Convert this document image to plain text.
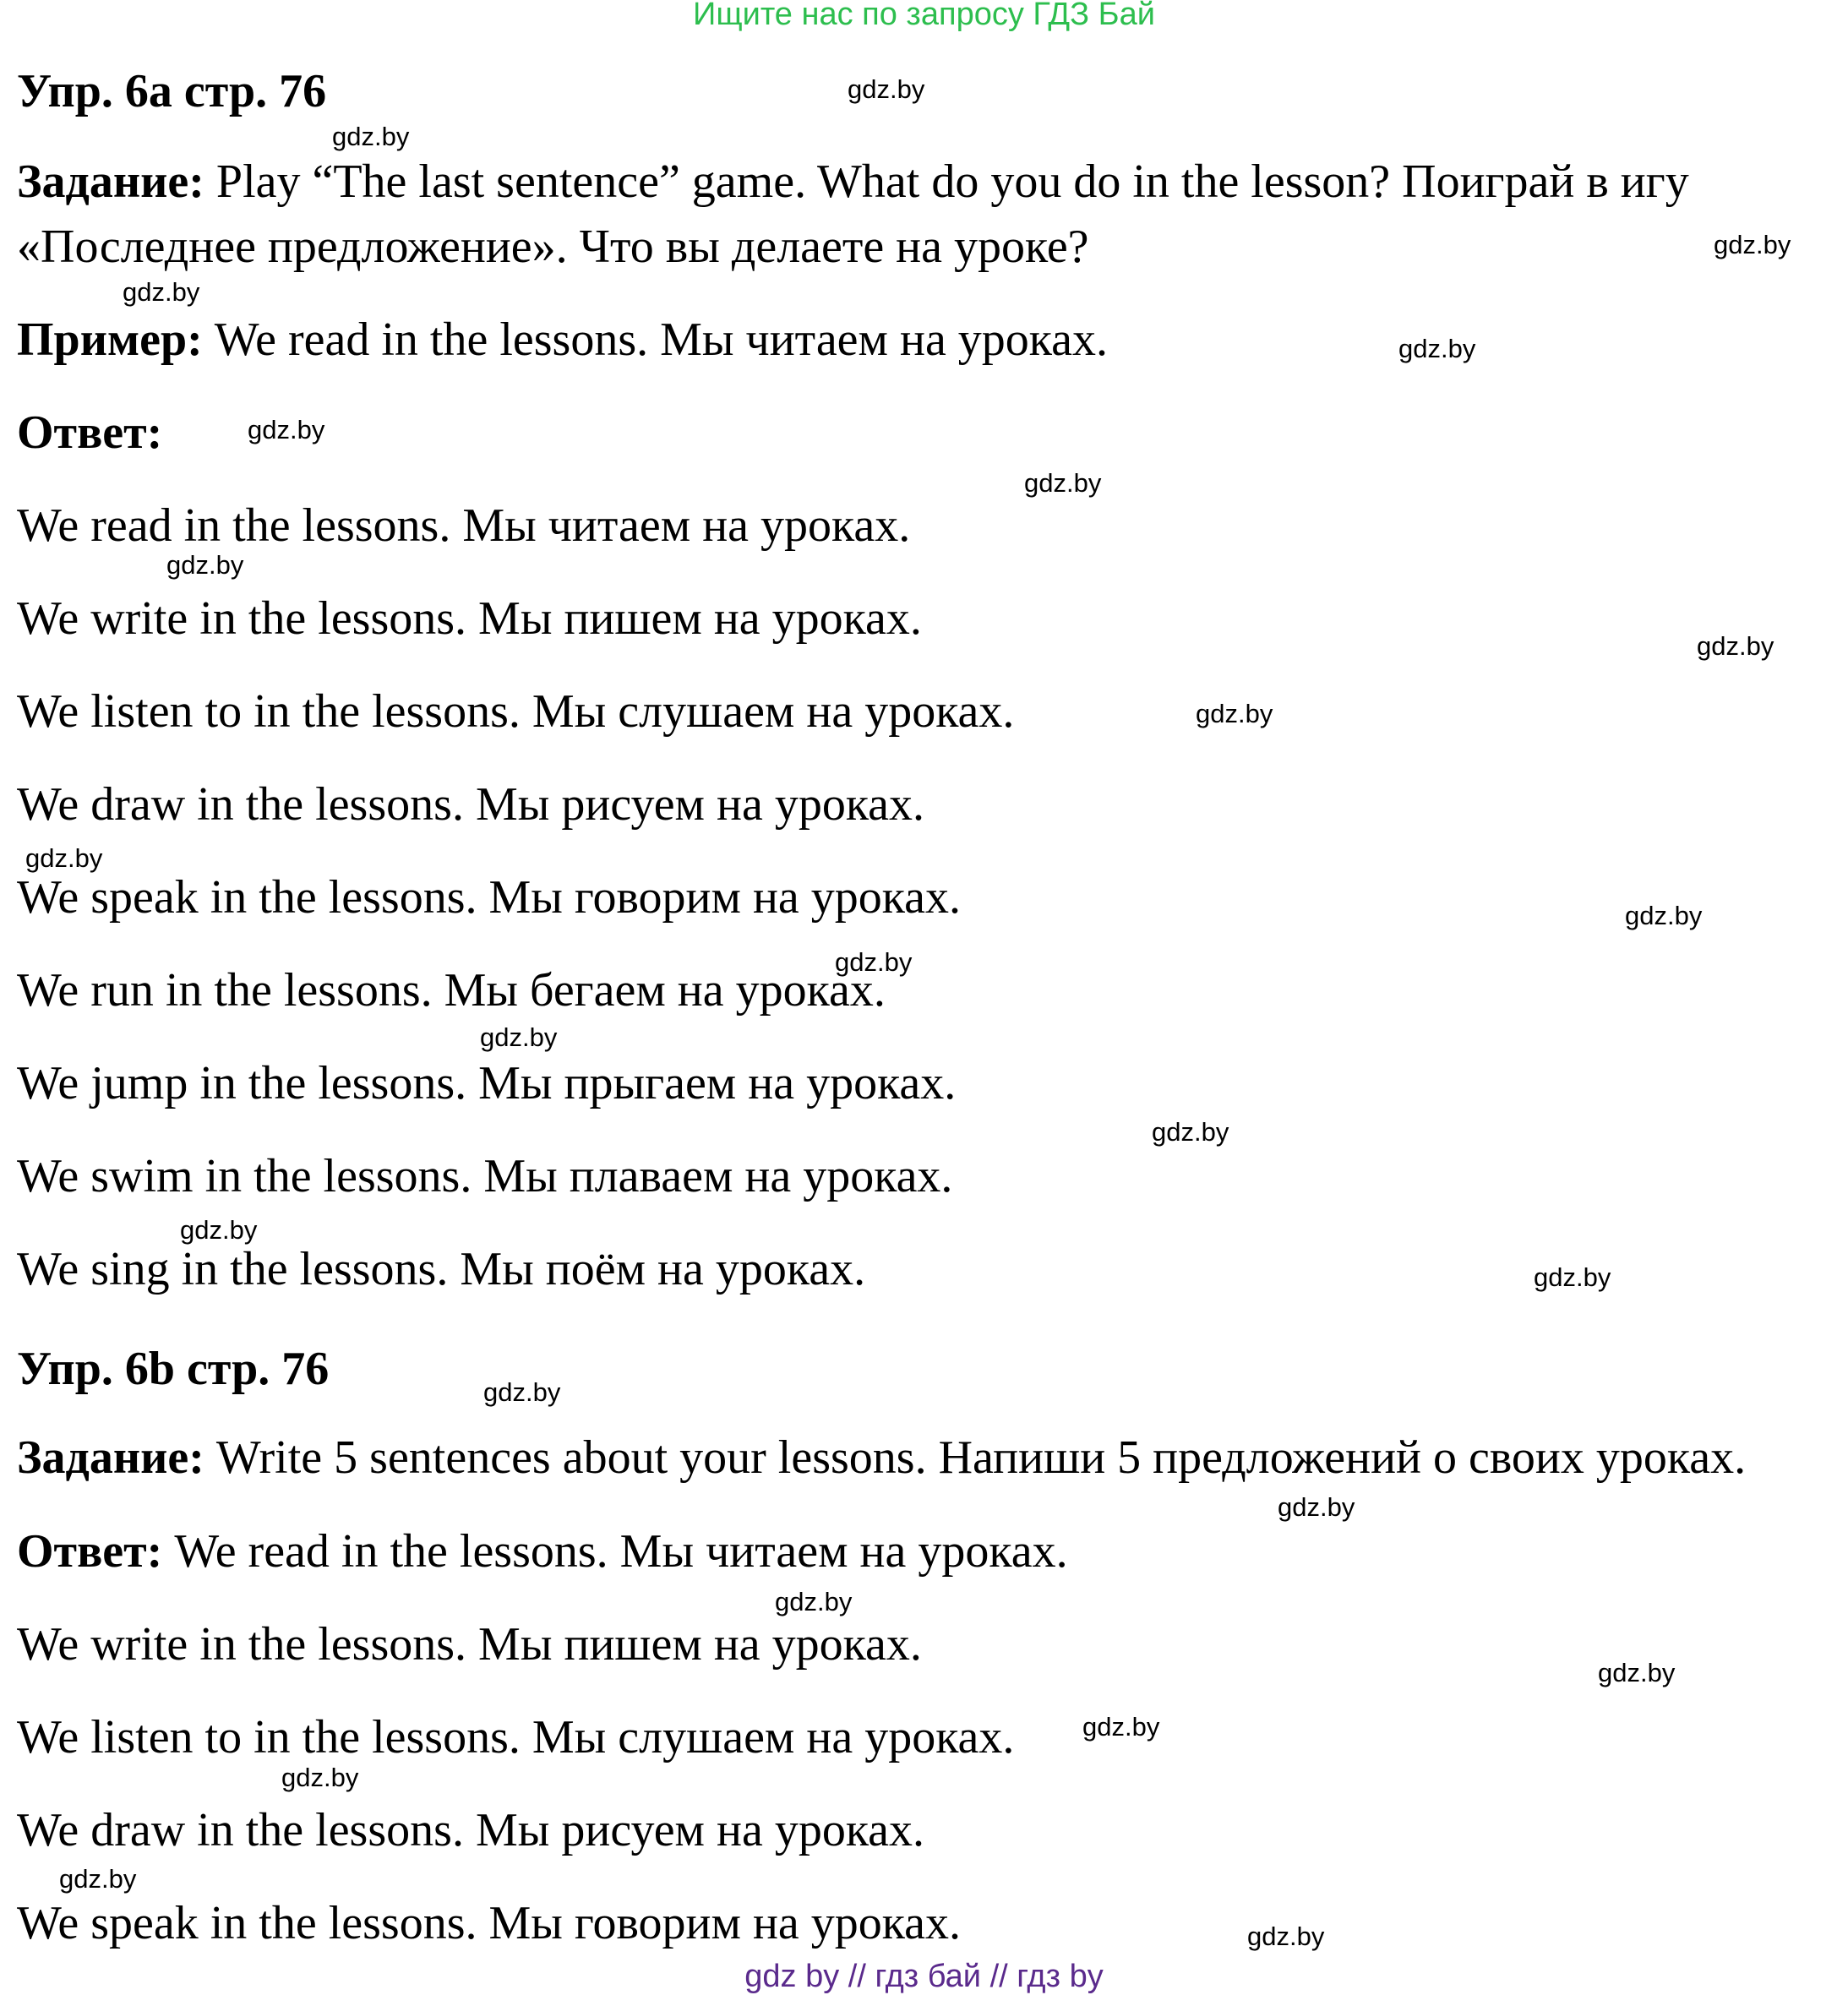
Ищите нас по запросу ГДЗ Бай
Упр. 6а стр. 76
Задание: Play “The last sentence” game. What do you do in the lesson? Поиграй в игу
«Последнее предложение». Что вы делаете на уроке?
Пример: We read in the lessons. Мы читаем на уроках.
Ответ:
We read in the lessons. Мы читаем на уроках.
We write in the lessons. Мы пишем на уроках.
We listen to in the lessons. Мы слушаем на уроках.
We draw in the lessons. Мы рисуем на уроках.
We speak in the lessons. Мы говорим на уроках.
We run in the lessons. Мы бегаем на уроках.
We jump in the lessons. Мы прыгаем на уроках.
We swim in the lessons. Мы плаваем на уроках.
We sing in the lessons. Мы поём на уроках.
Упр. 6b стр. 76
Задание: Write 5 sentences about your lessons. Напиши 5 предложений о своих уроках.
Ответ: We read in the lessons. Мы читаем на уроках.
We write in the lessons. Мы пишем на уроках.
We listen to in the lessons. Мы слушаем на уроках.
We draw in the lessons. Мы рисуем на уроках.
We speak in the lessons. Мы говорим на уроках.
gdz.by
gdz.by
gdz.by
gdz.by
gdz.by
gdz.by
gdz.by
gdz.by
gdz.by
gdz.by
gdz.by
gdz.by
gdz.by
gdz.by
gdz.by
gdz.by
gdz.by
gdz.by
gdz.by
gdz.by
gdz.by
gdz.by
gdz.by
gdz.by
gdz.by
gdz by // гдз бай // гдз by
